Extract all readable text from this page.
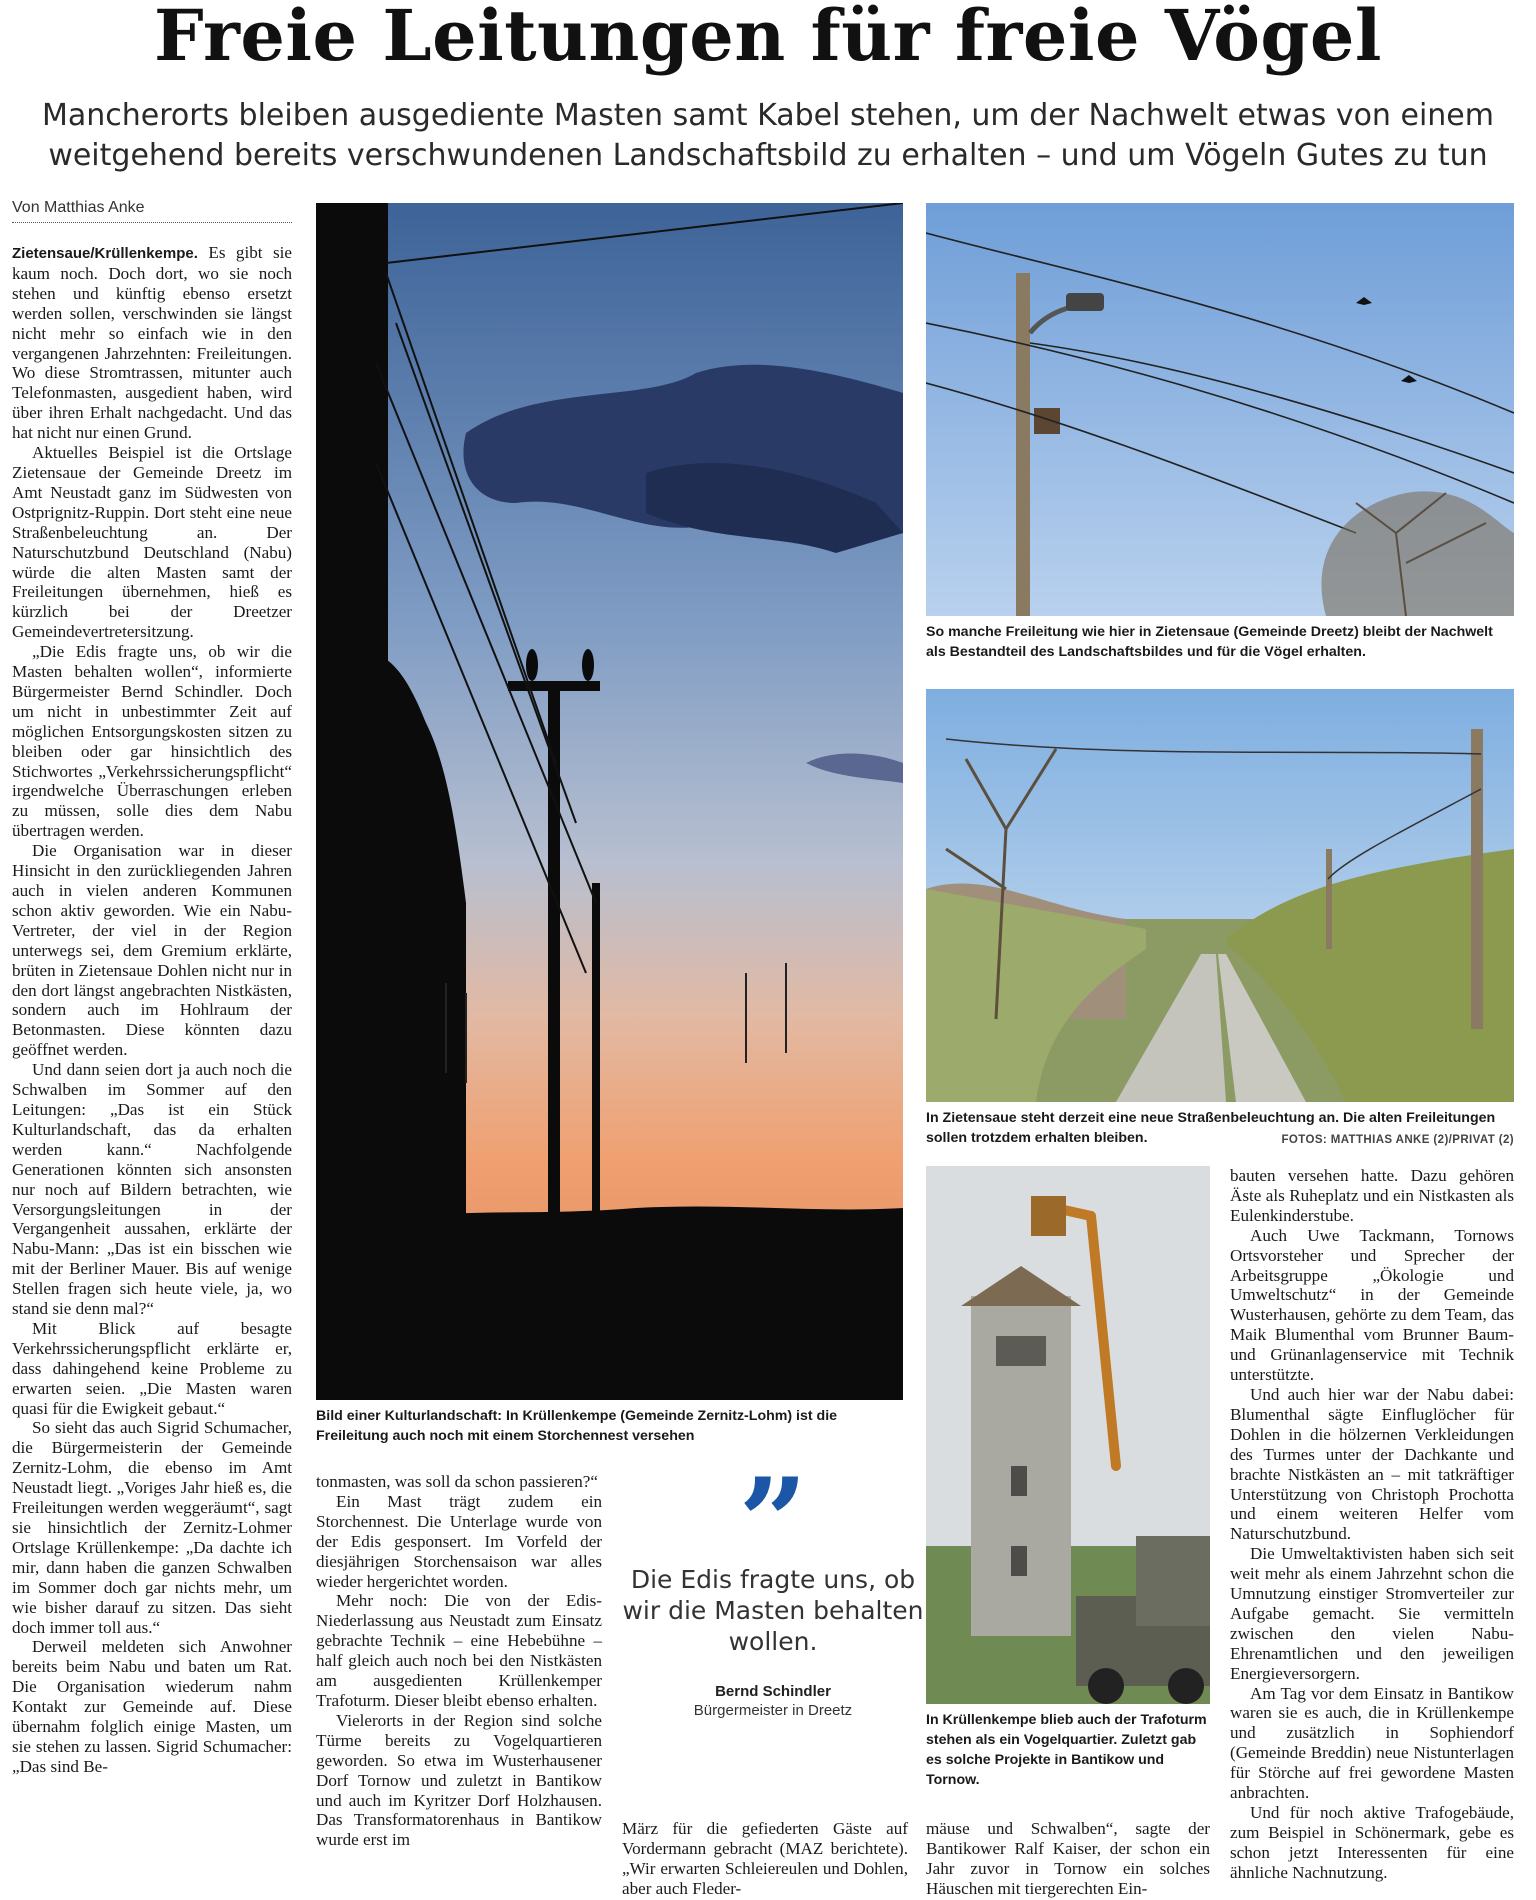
Freie Leitungen für freie Vögel
Mancherorts bleiben ausgediente Masten samt Kabel stehen, um der Nachwelt etwas von einem weitgehend bereits verschwundenen Landschaftsbild zu erhalten – und um Vögeln Gutes zu tun
Von Matthias Anke

Zietensaue/Krüllenkempe. Es gibt sie kaum noch. Doch dort, wo sie noch stehen und künftig ebenso ersetzt werden sollen, verschwinden sie längst nicht mehr so einfach wie in den vergangenen Jahrzehnten: Freileitungen. Wo diese Stromtrassen, mitunter auch Telefonmasten, ausgedient haben, wird über ihren Erhalt nachgedacht. Und das hat nicht nur einen Grund.

Aktuelles Beispiel ist die Ortslage Zietensaue der Gemeinde Dreetz im Amt Neustadt ganz im Südwesten von Ostprignitz-Ruppin. Dort steht eine neue Straßenbeleuchtung an. Der Naturschutzbund Deutschland (Nabu) würde die alten Masten samt der Freileitungen übernehmen, hieß es kürzlich bei der Dreetzer Gemeindevertretersitzung.

„Die Edis fragte uns, ob wir die Masten behalten wollen“, informierte Bürgermeister Bernd Schindler. Doch um nicht in unbestimmter Zeit auf möglichen Entsorgungskosten sitzen zu bleiben oder gar hinsichtlich des Stichwortes „Verkehrssicherungspflicht“ irgendwelche Überraschungen erleben zu müssen, solle dies dem Nabu übertragen werden.

Die Organisation war in dieser Hinsicht in den zurückliegenden Jahren auch in vielen anderen Kommunen schon aktiv geworden. Wie ein Nabu-Vertreter, der viel in der Region unterwegs sei, dem Gremium erklärte, brüten in Zietensaue Dohlen nicht nur in den dort längst angebrachten Nistkästen, sondern auch im Hohlraum der Betonmasten. Diese könnten dazu geöffnet werden.

Und dann seien dort ja auch noch die Schwalben im Sommer auf den Leitungen: „Das ist ein Stück Kulturlandschaft, das da erhalten werden kann.“ Nachfolgende Generationen könnten sich ansonsten nur noch auf Bildern betrachten, wie Versorgungsleitungen in der Vergangenheit aussahen, erklärte der Nabu-Mann: „Das ist ein bisschen wie mit der Berliner Mauer. Bis auf wenige Stellen fragen sich heute viele, ja, wo stand sie denn mal?“

Mit Blick auf besagte Verkehrssicherungspflicht erklärte er, dass dahingehend keine Probleme zu erwarten seien. „Die Masten waren quasi für die Ewigkeit gebaut.“

So sieht das auch Sigrid Schumacher, die Bürgermeisterin der Gemeinde Zernitz-Lohm, die ebenso im Amt Neustadt liegt. „Voriges Jahr hieß es, die Freileitungen werden weggeräumt“, sagt sie hinsichtlich der Zernitz-Lohmer Ortslage Krüllenkempe: „Da dachte ich mir, dann haben die ganzen Schwalben im Sommer doch gar nichts mehr, um wie bisher darauf zu sitzen. Das sieht doch immer toll aus.“

Derweil meldeten sich Anwohner bereits beim Nabu und baten um Rat. Die Organisation wiederum nahm Kontakt zur Gemeinde auf. Diese übernahm folglich einige Masten, um sie stehen zu lassen. Sigrid Schumacher: „Das sind Be-

Bild einer Kulturlandschaft: In Krüllenkempe (Gemeinde Zernitz-Lohm) ist die Freileitung auch noch mit einem Storchennest versehen
So manche Freileitung wie hier in Zietensaue (Gemeinde Dreetz) bleibt der Nachwelt als Bestandteil des Landschaftsbildes und für die Vögel erhalten.
In Zietensaue steht derzeit eine neue Straßenbeleuchtung an. Die alten Freileitungen sollen trotzdem erhalten bleiben.	FOTOS: MATTHIAS ANKE (2)/PRIVAT (2)

tonmasten, was soll da schon passieren?“

Ein Mast trägt zudem ein Storchennest. Die Unterlage wurde von der Edis gesponsert. Im Vorfeld der diesjährigen Storchensaison war alles wieder hergerichtet worden.

Mehr noch: Die von der Edis-Niederlassung aus Neustadt zum Einsatz gebrachte Technik – eine Hebebühne – half gleich auch noch bei den Nistkästen am ausgedienten Krüllenkemper Trafoturm. Dieser bleibt ebenso erhalten.

Vielerorts in der Region sind solche Türme bereits zu Vogelquartieren geworden. So etwa im Wusterhausener Dorf Tornow und zuletzt in Bantikow und auch im Kyritzer Dorf Holzhausen. Das Transformatorenhaus in Bantikow wurde erst im

”
Die Edis fragte uns, ob wir die Masten behalten wollen.
Bernd Schindler
Bürgermeister in Dreetz

März für die gefiederten Gäste auf Vordermann gebracht (MAZ berichtete). „Wir erwarten Schleiereulen und Dohlen, aber auch Fleder-

In Krüllenkempe blieb auch der Trafoturm stehen als ein Vogelquartier. Zuletzt gab es solche Projekte in Bantikow und Tornow.

mäuse und Schwalben“, sagte der Bantikower Ralf Kaiser, der schon ein Jahr zuvor in Tornow ein solches Häuschen mit tiergerechten Ein-

bauten versehen hatte. Dazu gehören Äste als Ruheplatz und ein Nistkasten als Eulenkinderstube.

Auch Uwe Tackmann, Tornows Ortsvorsteher und Sprecher der Arbeitsgruppe „Ökologie und Umweltschutz“ in der Gemeinde Wusterhausen, gehörte zu dem Team, das Maik Blumenthal vom Brunner Baum- und Grünanlagenservice mit Technik unterstützte.

Und auch hier war der Nabu dabei: Blumenthal sägte Einfluglöcher für Dohlen in die hölzernen Verkleidungen des Turmes unter der Dachkante und brachte Nistkästen an – mit tatkräftiger Unterstützung von Christoph Prochotta und einem weiteren Helfer vom Naturschutzbund.

Die Umweltaktivisten haben sich seit weit mehr als einem Jahrzehnt schon die Umnutzung einstiger Stromverteiler zur Aufgabe gemacht. Sie vermitteln zwischen den vielen Nabu-Ehrenamtlichen und den jeweiligen Energieversorgern.

Am Tag vor dem Einsatz in Bantikow waren sie es auch, die in Krüllenkempe und zusätzlich in Sophiendorf (Gemeinde Breddin) neue Nistunterlagen für Störche auf frei gewordene Masten anbrachten.

Und für noch aktive Trafogebäude, zum Beispiel in Schönermark, gebe es schon jetzt Interessenten für eine ähnliche Nachnutzung.
